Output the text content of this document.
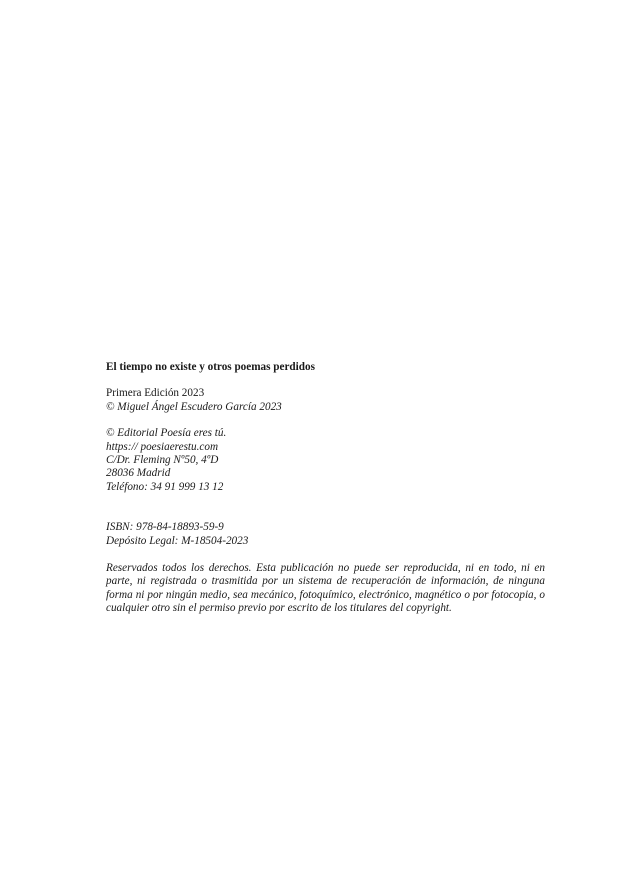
El tiempo no existe y otros poemas perdidos

Primera Edición 2023

© Miguel Ángel Escudero García 2023

© Editorial Poesía eres tú.

https:// poesiaerestu.com

C/Dr. Fleming Nº50, 4ºD

28036 Madrid

Teléfono: 34 91 999 13 12

ISBN: 978-84-18893-59-9

Depósito Legal: M-18504-2023

Reservados todos los derechos. Esta publicación no puede ser reproducida, ni en todo, ni en parte, ni registrada o trasmitida por un sistema de recuperación de información, de ninguna forma ni por ningún medio, sea mecánico, fotoquímico, electrónico, magnético o por fotocopia, o cualquier otro sin el permiso previo por escrito de los titulares del copyright.
